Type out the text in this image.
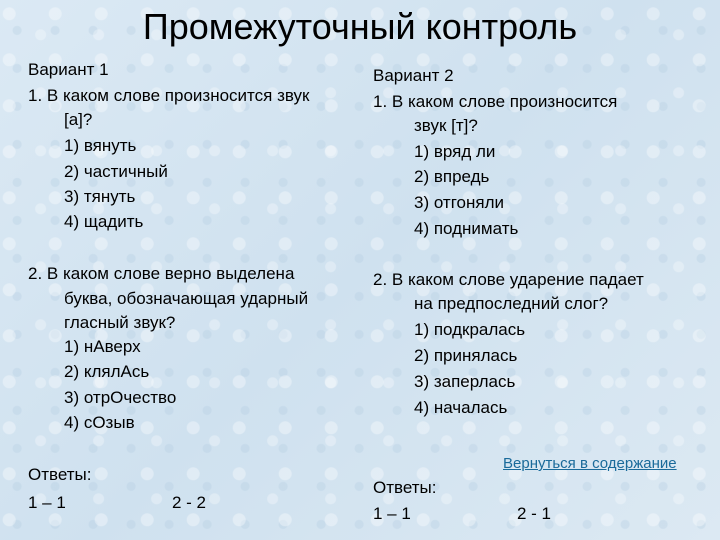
Промежуточный контроль
Вариант 1
1. В каком слове произносится звук
[а]?
1) вянуть
2) частичный
3) тянуть
4) щадить
2. В каком слове верно выделена
буква, обозначающая ударный
гласный звук?
1) нАверх
2) клялАсь
3) отрОчество
4) сОзыв
Ответы:
1 – 1	2 - 2
Вариант 2
1. В каком слове произносится
звук [т]?
1) вряд ли
2) впредь
3) отгоняли
4) поднимать
2. В каком слове ударение падает
на предпоследний слог?
1) подкралась
2) принялась
3) заперлась
4) началась
Вернуться в содержание
Ответы:
1 – 1	2 - 1
